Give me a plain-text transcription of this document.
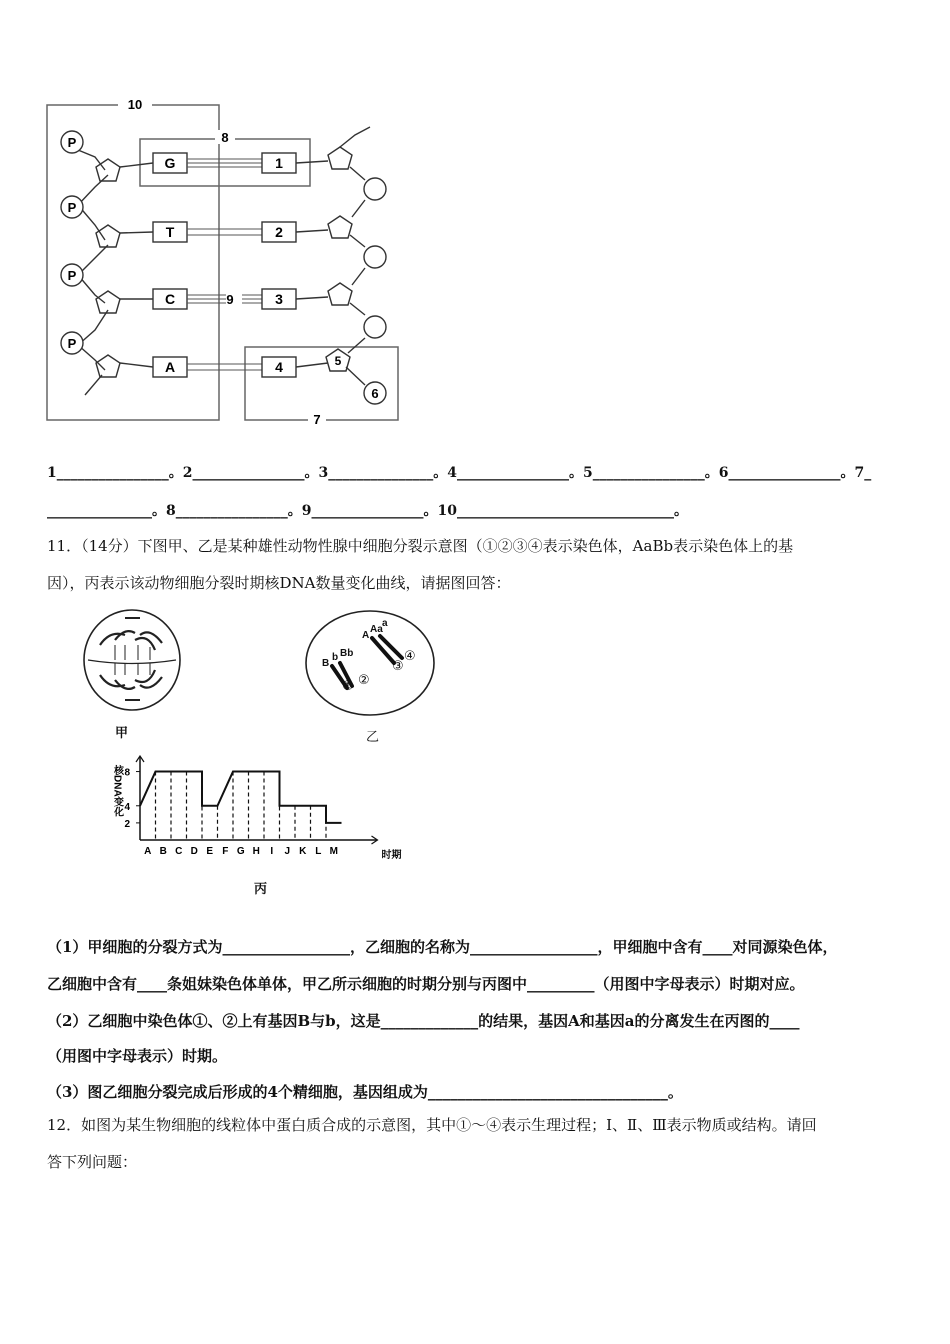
10
8
7
P
P
P
P
G
T
C
A
9
1
2
3
4	5
6
1________________。2________________。3_______________。4________________。5________________。6________________。7_
_______________。8________________。9________________。10_______________________________。
11．（14分）下图甲、乙是某种雄性动物性腺中细胞分裂示意图（①②③④表示染色体，AaBb表示染色体上的基
因），丙表示该动物细胞分裂时期核DNA数量变化曲线，请据图回答：
甲
B
b Bb
A
Aa
a
① ②
③
④
乙
核DNA变化 8
4
2
A B C D E F G H I J K L M	时期
丙
（1）甲细胞的分裂方式为_________________，乙细胞的名称为_________________，甲细胞中含有____对同源染色体，
乙细胞中含有____条姐妹染色体单体，甲乙所示细胞的时期分别与丙图中_________（用图中字母表示）时期对应。
（2）乙细胞中染色体①、②上有基因B与b，这是_____________的结果，基因A和基因a的分离发生在丙图的____
（用图中字母表示）时期。
（3）图乙细胞分裂完成后形成的4个精细胞，基因组成为________________________________。
12．如图为某生物细胞的线粒体中蛋白质合成的示意图，其中①～④表示生理过程；Ⅰ、Ⅱ、Ⅲ表示物质或结构。请回
答下列问题：
